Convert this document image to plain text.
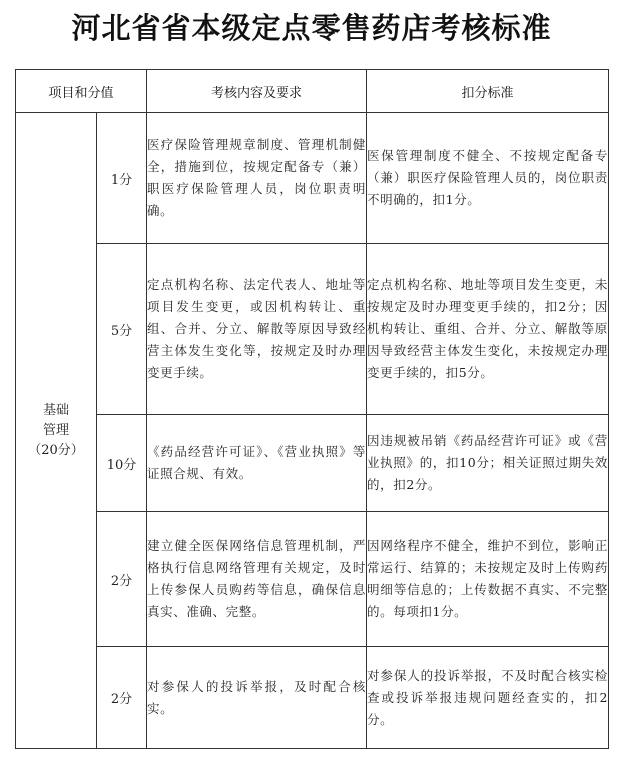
河北省省本级定点零售药店考核标准
项目和分值		考核内容及要求	扣分标准

基础
管理
（20分）	1分	医疗保险管理规章制度、管理机制健全，措施到位，按规定配备专（兼）职医疗保险管理人员，岗位职责明确。	医保管理制度不健全、不按规定配备专（兼）职医疗保险管理人员的，岗位职责不明确的，扣1分。
	5分	定点机构名称、法定代表人、地址等项目发生变更，或因机构转让、重组、合并、分立、解散等原因导致经营主体发生变化等，按规定及时办理变更手续。	定点机构名称、地址等项目发生变更，未按规定及时办理变更手续的，扣2分；因机构转让、重组、合并、分立、解散等原因导致经营主体发生变化，未按规定办理变更手续的，扣5分。
	10分	《药品经营许可证》、《营业执照》等证照合规、有效。	因违规被吊销《药品经营许可证》或《营业执照》的，扣10分；相关证照过期失效的，扣2分。
	2分	建立健全医保网络信息管理机制，严格执行信息网络管理有关规定，及时上传参保人员购药等信息，确保信息真实、准确、完整。	因网络程序不健全，维护不到位，影响正常运行、结算的；未按规定及时上传购药明细等信息的；上传数据不真实、不完整的。每项扣1分。
	2分	对参保人的投诉举报，及时配合核实。	对参保人的投诉举报，不及时配合核实检查或投诉举报违规问题经查实的，扣2分。
